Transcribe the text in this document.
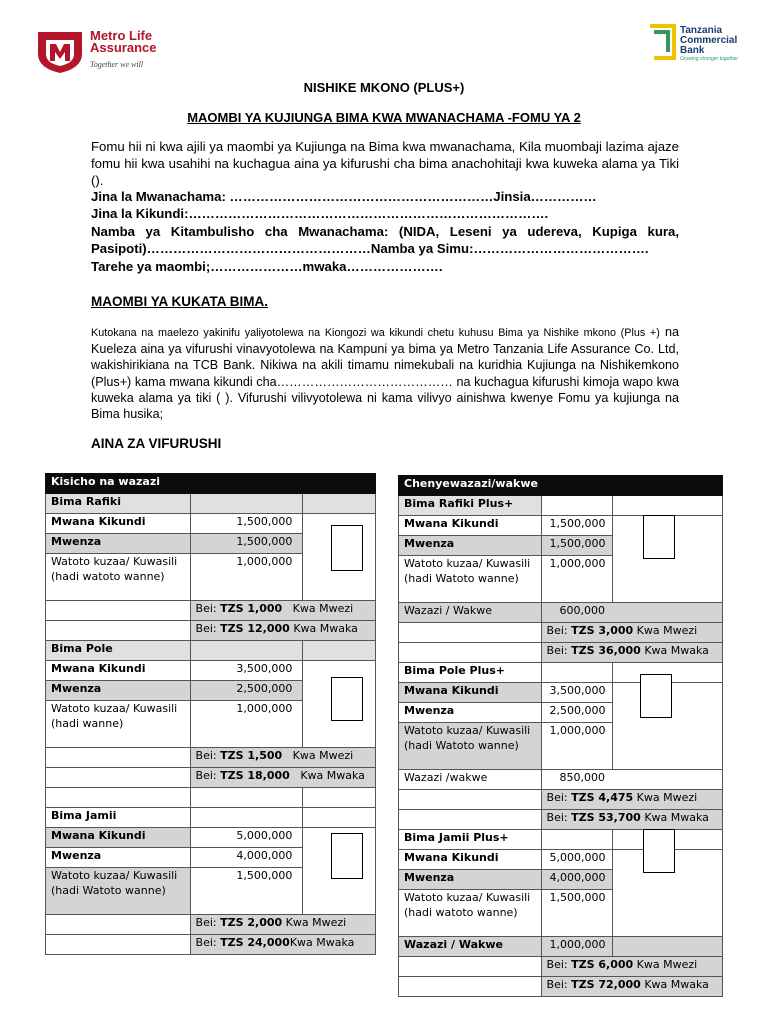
Metro Life
Assurance
Together we will
Tanzania
Commercial
Bank
Growing stronger together
NISHIKE MKONO (PLUS+)
MAOMBI YA KUJIUNGA BIMA KWA MWANACHAMA -FOMU YA 2
Fomu hii ni kwa ajili ya maombi ya Kujiunga na Bima kwa mwanachama, Kila muombaji lazima ajaze fomu hii kwa usahihi na kuchagua aina ya kifurushi cha bima anachohitaji kwa kuweka alama ya Tiki ().
Jina la Mwanachama: ……………………………………………………Jinsia……………
Jina la Kikundi:……………………………………………………………………….
Namba ya Kitambulisho cha Mwanachama: (NIDA, Leseni ya udereva, Kupiga kura, Pasipoti)……………………………………………Namba ya Simu:………………………………….
Tarehe ya maombi;…………………mwaka………………….
MAOMBI YA KUKATA BIMA.
Kutokana na maelezo yakinifu yaliyotolewa na Kiongozi wa kikundi chetu kuhusu Bima ya Nishike mkono (Plus +) na Kueleza aina ya vifurushi vinavyotolewa na Kampuni ya bima ya Metro Tanzania Life Assurance Co. Ltd, wakishirikiana na TCB Bank. Nikiwa na akili timamu nimekubali na kuridhia Kujiunga na Nishikemkono (Plus+) kama mwana kikundi cha…………………………………… na kuchagua kifurushi kimoja wapo kwa kuweka alama ya tiki ( ). Vifurushi vilivyotolewa ni kama vilivyo ainishwa kwenye Fomu ya kujiunga na Bima husika;
AINA ZA VIFURUSHI
Kisicho na wazazi		
Bima Rafiki		
Mwana Kikundi	1,500,000	
Mwenza	1,500,000	
Watoto kuzaa/ Kuwasili (hadi watoto wanne)	1,000,000	
	Bei: TZS 1,000 Kwa Mwezi	
	Bei: TZS 12,000 Kwa Mwaka	
Bima Pole		
Mwana Kikundi	3,500,000	
Mwenza	2,500,000	
Watoto kuzaa/ Kuwasili (hadi wanne)	1,000,000	
	Bei: TZS 1,500 Kwa Mwezi	
	Bei: TZS 18,000 Kwa Mwaka	

Bima Jamii		
Mwana Kikundi	5,000,000	
Mwenza	4,000,000	
Watoto kuzaa/ Kuwasili (hadi Watoto wanne)	1,500,000	
	Bei: TZS 2,000 Kwa Mwezi	
	Bei: TZS 24,000Kwa Mwaka	
Chenyewazazi/wakwe		
Bima Rafiki Plus+		
Mwana Kikundi	1,500,000	
Mwenza	1,500,000	
Watoto kuzaa/ Kuwasili (hadi Watoto wanne)	1,000,000	
Wazazi / Wakwe	600,000	
	Bei: TZS 3,000 Kwa Mwezi	
	Bei: TZS 36,000 Kwa Mwaka	
Bima Pole Plus+		
Mwana Kikundi	3,500,000	
Mwenza	2,500,000	
Watoto kuzaa/ Kuwasili (hadi Watoto wanne)	1,000,000	
Wazazi /wakwe	850,000	
	Bei: TZS 4,475 Kwa Mwezi	
	Bei: TZS 53,700 Kwa Mwaka	
Bima Jamii Plus+		
Mwana Kikundi	5,000,000	
Mwenza	4,000,000	
Watoto kuzaa/ Kuwasili (hadi watoto wanne)	1,500,000	
Wazazi / Wakwe	1,000,000	
	Bei: TZS 6,000 Kwa Mwezi	
	Bei: TZS 72,000 Kwa Mwaka	
